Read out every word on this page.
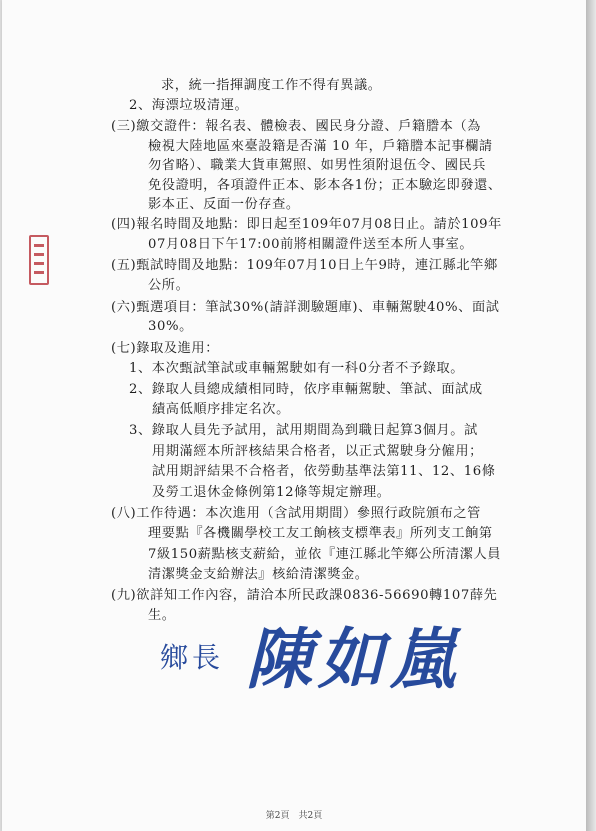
求，統一指揮調度工作不得有異議。
2、海漂垃圾清運。
(三)繳交證件：報名表、體檢表、國民身分證、戶籍謄本（為
檢視大陸地區來臺設籍是否滿 10 年，戶籍謄本記事欄請
勿省略）、職業大貨車駕照、如男性須附退伍令、國民兵
免役證明，各項證件正本、影本各1份；正本驗迄即發還、
影本正、反面一份存查。
(四)報名時間及地點：即日起至109年07月08日止。請於109年
07月08日下午17:00前將相關證件送至本所人事室。
(五)甄試時間及地點：109年07月10日上午9時，連江縣北竿鄉
公所。
(六)甄選項目：筆試30%(請詳測驗題庫)、車輛駕駛40%、面試
30%。
(七)錄取及進用：
1、本次甄試筆試或車輛駕駛如有一科0分者不予錄取。
2、錄取人員總成績相同時，依序車輛駕駛、筆試、面試成
績高低順序排定名次。
3、錄取人員先予試用，試用期間為到職日起算3個月。試
用期滿經本所評核結果合格者，以正式駕駛身分僱用；
試用期評結果不合格者，依勞動基準法第11、12、16條
及勞工退休金條例第12條等規定辦理。
(八)工作待遇：本次進用（含試用期間）參照行政院頒布之管
理要點『各機關學校工友工餉核支標準表』所列支工餉第
7級150薪點核支薪給，並依『連江縣北竿鄉公所清潔人員
清潔獎金支給辦法』核給清潔獎金。
(九)欲詳知工作內容，請洽本所民政課0836-56690轉107薛先
生。
鄉長 陳如嵐
第2頁　共2頁
